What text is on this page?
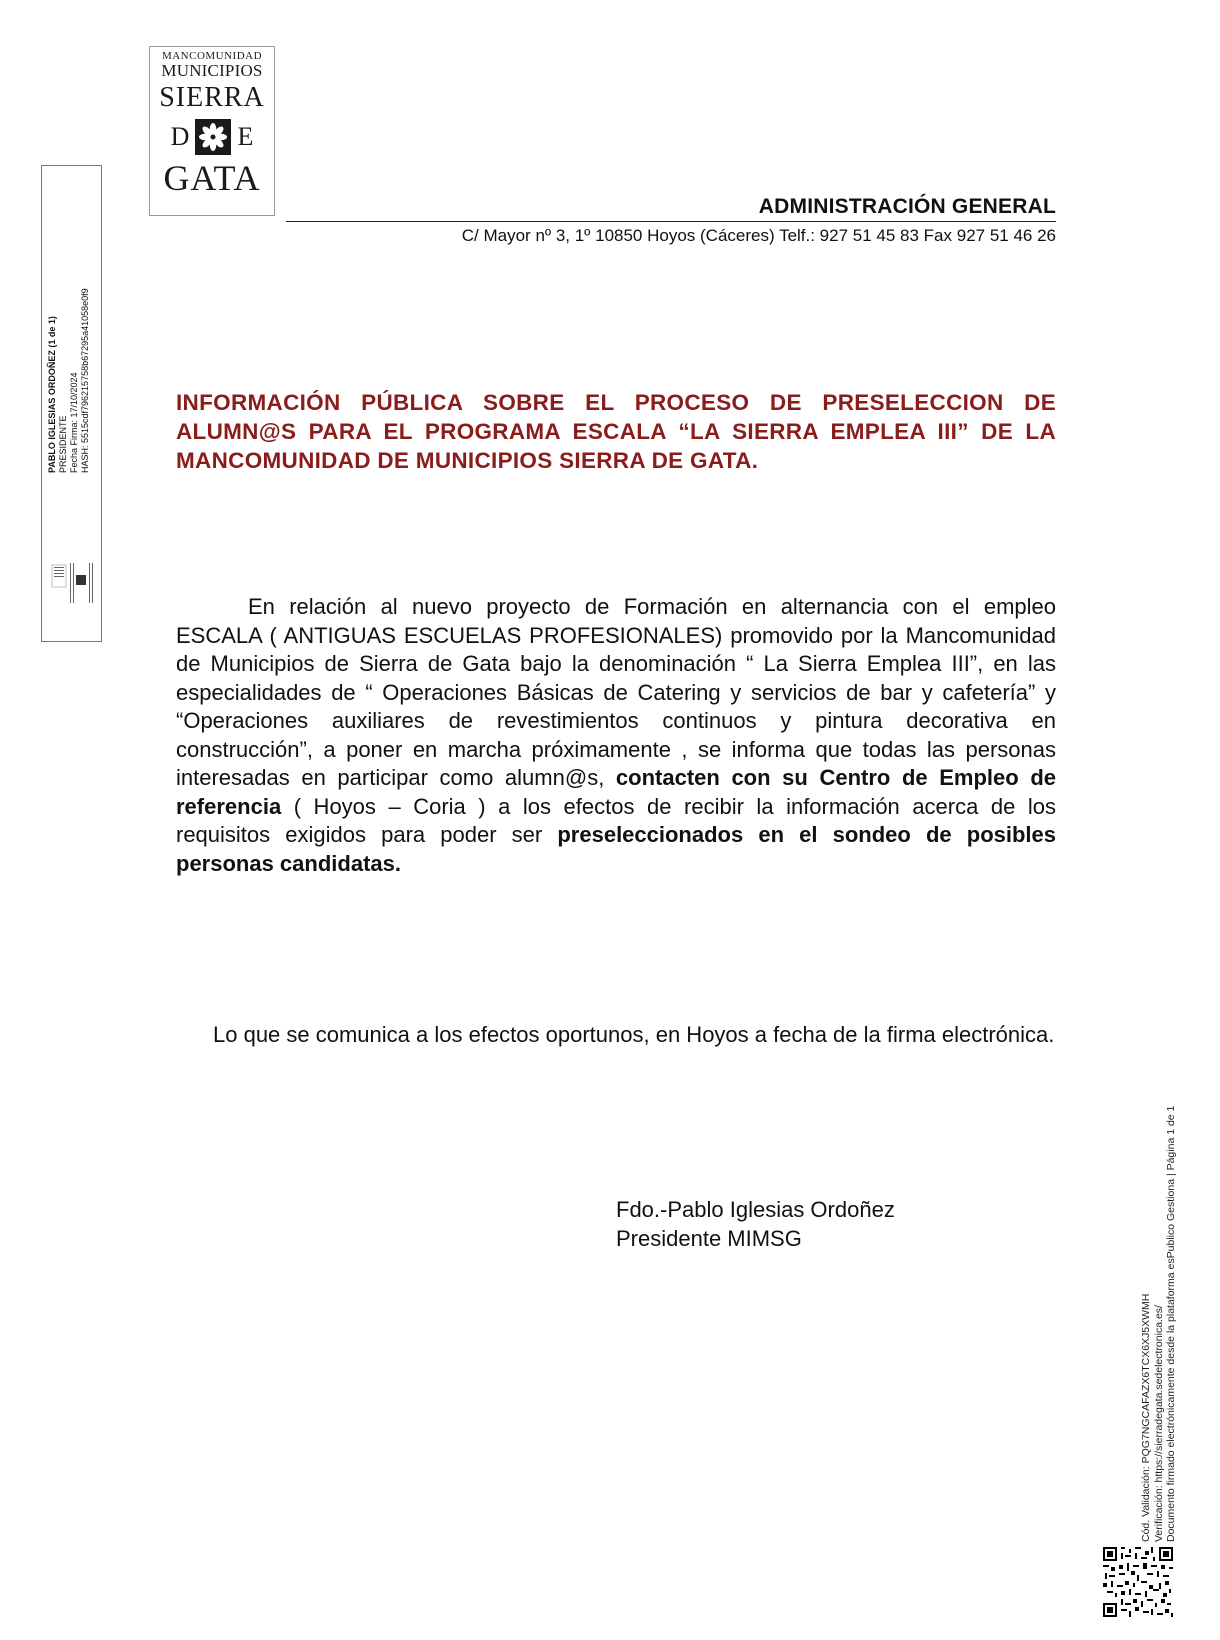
MANCOMUNIDAD
MUNICIPIOS
SIERRA
D E
GATA
ADMINISTRACIÓN GENERAL
C/ Mayor nº 3, 1º 10850 Hoyos (Cáceres) Telf.: 927 51 45 83 Fax 927 51 46 26
PABLO IGLESIAS ORDOÑEZ (1 de 1) PRESIDENTE Fecha Firma: 17/10/2024 HASH: 5515cdf796215758b67295a41058e0f9	INFORMACIÓN PÚBLICA SOBRE EL PROCESO DE PRESELECCION DE ALUMN@S PARA EL PROGRAMA ESCALA “LA SIERRA EMPLEA III” DE LA MANCOMUNIDAD DE MUNICIPIOS SIERRA DE GATA.
En relación al nuevo proyecto de Formación en alternancia con el empleo ESCALA ( ANTIGUAS ESCUELAS PROFESIONALES) promovido por la Mancomunidad de Municipios de Sierra de Gata bajo la denominación “ La Sierra Emplea III”, en las especialidades de “ Operaciones Básicas de Catering y servicios de bar y cafetería” y “Operaciones auxiliares de revestimientos continuos y pintura decorativa en construcción”, a poner en marcha próximamente , se informa que todas las personas interesadas en participar como alumn@s, contacten con su Centro de Empleo de referencia ( Hoyos – Coria ) a los efectos de recibir la información acerca de los requisitos exigidos para poder ser preseleccionados en el sondeo de posibles personas candidatas.
Lo que se comunica a los efectos oportunos, en Hoyos a fecha de la firma electrónica.
Fdo.-Pablo Iglesias Ordoñez
Presidente MIMSG
Cód. Validación: PQG7NGCAFAZX6TCX6XJ5XWMH Verificación: https://sierradegata.sedelectronica.es/ Documento firmado electrónicamente desde la plataforma esPublico Gestiona | Página 1 de 1
